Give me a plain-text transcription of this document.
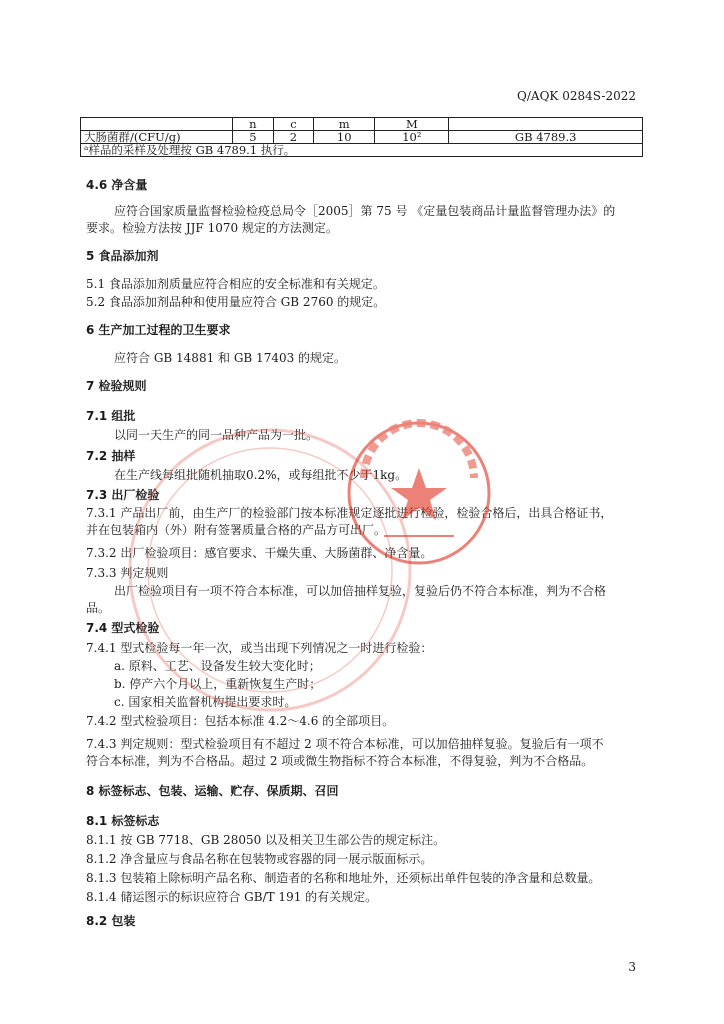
Q/AQK 0284S-2022
	n	c	m	M	
大肠菌群/(CFU/g)	5	2	10	10²	GB 4789.3
ᵃ样品的采样及处理按 GB 4789.1 执行。					
4.6 净含量
应符合国家质量监督检验检疫总局令［2005］第 75 号 《定量包装商品计量监督管理办法》的
要求。检验方法按 JJF 1070 规定的方法测定。
5 食品添加剂
5.1 食品添加剂质量应符合相应的安全标准和有关规定。
5.2 食品添加剂品种和使用量应符合 GB 2760 的规定。
6 生产加工过程的卫生要求
应符合 GB 14881 和 GB 17403 的规定。
7 检验规则
7.1 组批
以同一天生产的同一品种产品为一批。
7.2 抽样
在生产线每组批随机抽取0.2%，或每组批不少于1kg。
7.3 出厂检验
7.3.1 产品出厂前，由生产厂的检验部门按本标准规定逐批进行检验，检验合格后，出具合格证书，
并在包装箱内（外）附有签署质量合格的产品方可出厂。
7.3.2 出厂检验项目：感官要求、干燥失重、大肠菌群、净含量。
7.3.3 判定规则
出厂检验项目有一项不符合本标准，可以加倍抽样复验，复验后仍不符合本标准，判为不合格
品。
7.4 型式检验
7.4.1 型式检验每一年一次，或当出现下列情况之一时进行检验：
a. 原料、工艺、设备发生较大变化时；
b. 停产六个月以上，重新恢复生产时；
c. 国家相关监督机构提出要求时。
7.4.2 型式检验项目：包括本标准 4.2～4.6 的全部项目。
7.4.3 判定规则：型式检验项目有不超过 2 项不符合本标准，可以加倍抽样复验。复验后有一项不
符合本标准，判为不合格品。超过 2 项或微生物指标不符合本标准，不得复验，判为不合格品。
8 标签标志、包装、运输、贮存、保质期、召回
8.1 标签标志
8.1.1 按 GB 7718、GB 28050 以及相关卫生部公告的规定标注。
8.1.2 净含量应与食品名称在包装物或容器的同一展示版面标示。
8.1.3 包装箱上除标明产品名称、制造者的名称和地址外，还须标出单件包装的净含量和总数量。
8.1.4 储运图示的标识应符合 GB/T 191 的有关规定。
8.2 包装
3
